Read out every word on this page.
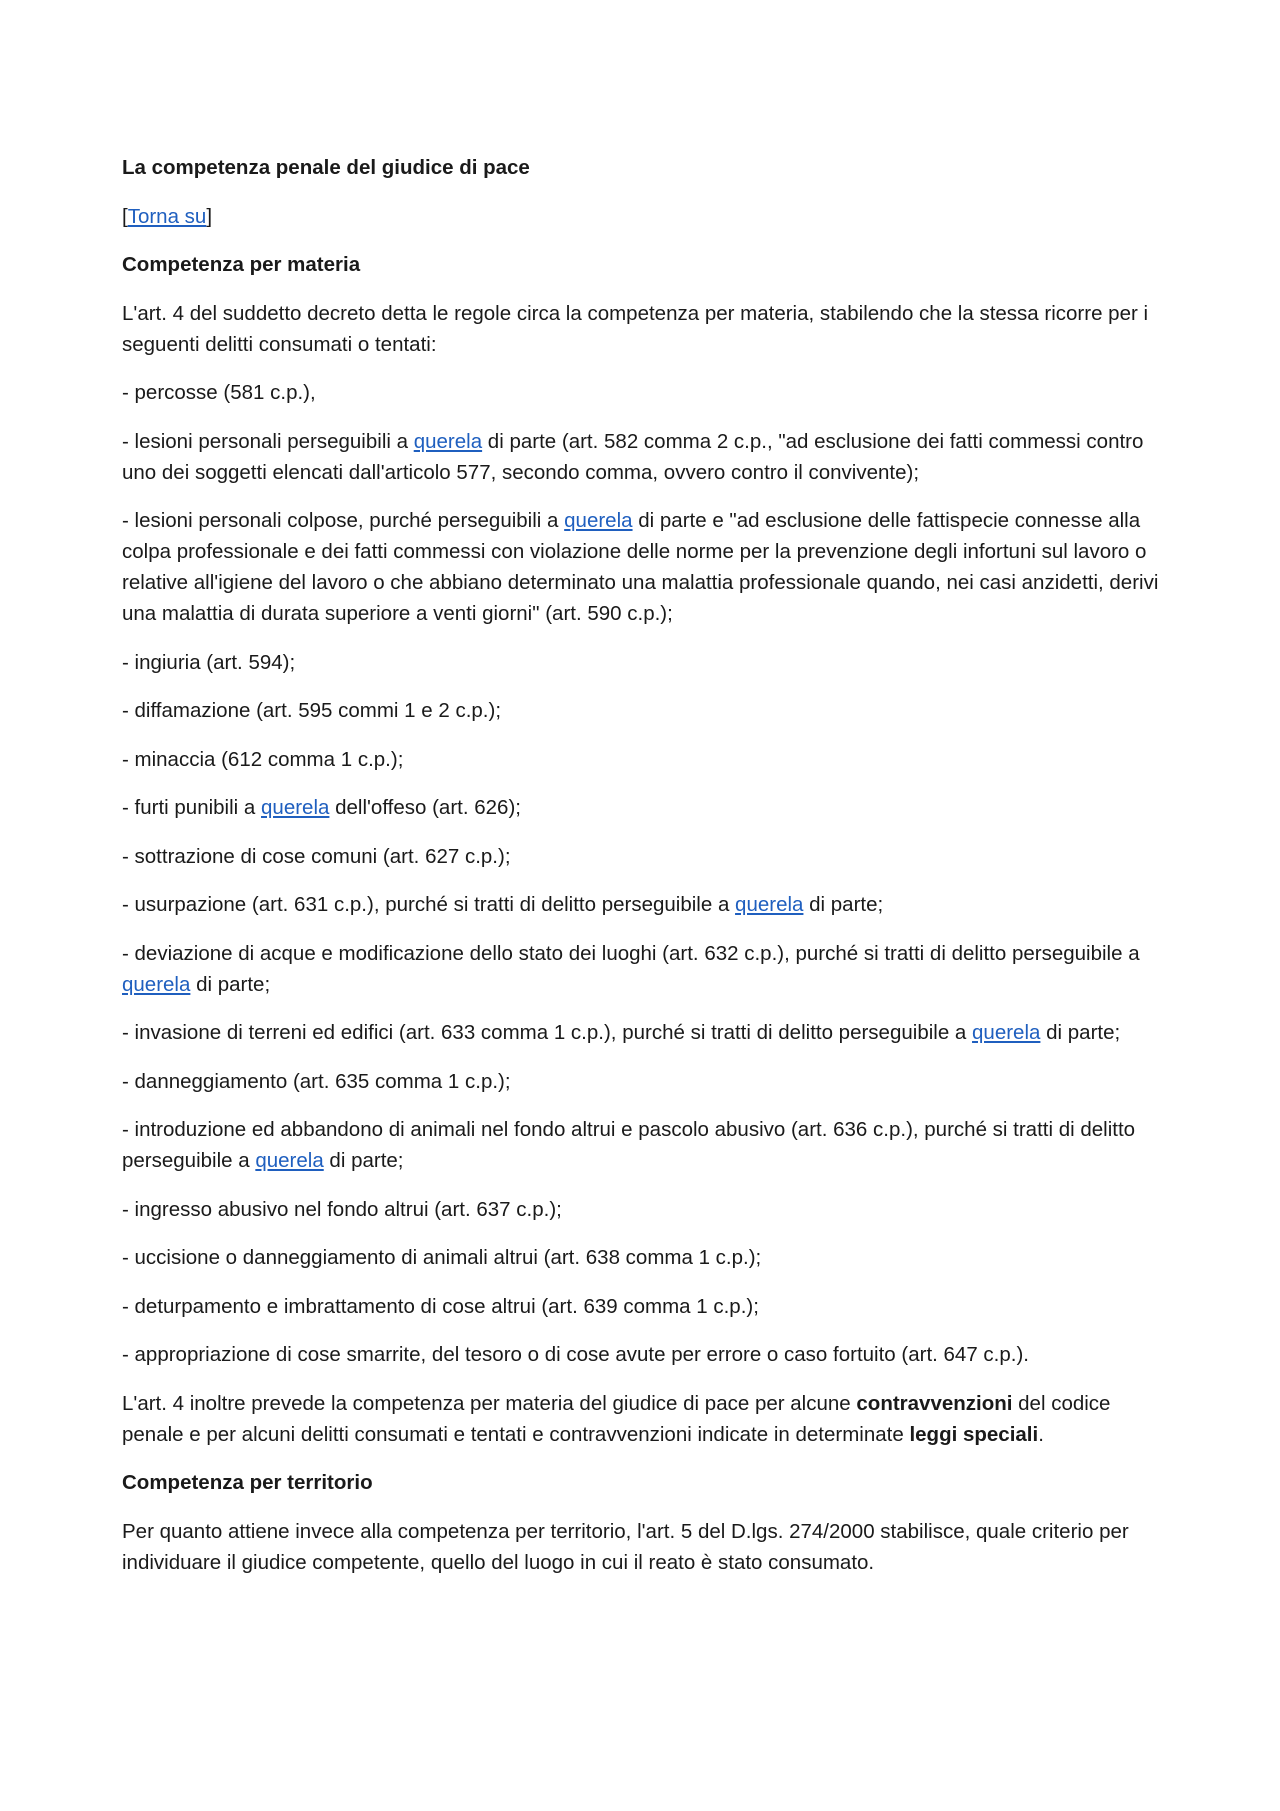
La competenza penale del giudice di pace

[Torna su]

Competenza per materia

L'art. 4 del suddetto decreto detta le regole circa la competenza per materia, stabilendo che la stessa ricorre per i seguenti delitti consumati o tentati:

- percosse (581 c.p.),

- lesioni personali perseguibili a querela di parte (art. 582 comma 2 c.p., "ad esclusione dei fatti commessi contro uno dei soggetti elencati dall'articolo 577, secondo comma, ovvero contro il convivente);

- lesioni personali colpose, purché perseguibili a querela di parte e "ad esclusione delle fattispecie connesse alla colpa professionale e dei fatti commessi con violazione delle norme per la prevenzione degli infortuni sul lavoro o relative all'igiene del lavoro o che abbiano determinato una malattia professionale quando, nei casi anzidetti, derivi una malattia di durata superiore a venti giorni" (art. 590 c.p.);

- ingiuria (art. 594);

- diffamazione (art. 595 commi 1 e 2 c.p.);

- minaccia (612 comma 1 c.p.);

- furti punibili a querela dell'offeso (art. 626);

- sottrazione di cose comuni (art. 627 c.p.);

- usurpazione (art. 631 c.p.), purché si tratti di delitto perseguibile a querela di parte;

- deviazione di acque e modificazione dello stato dei luoghi (art. 632 c.p.), purché si tratti di delitto perseguibile a querela di parte;

- invasione di terreni ed edifici (art. 633 comma 1 c.p.), purché si tratti di delitto perseguibile a querela di parte;

- danneggiamento (art. 635 comma 1 c.p.);

- introduzione ed abbandono di animali nel fondo altrui e pascolo abusivo (art. 636 c.p.), purché si tratti di delitto perseguibile a querela di parte;

- ingresso abusivo nel fondo altrui (art. 637 c.p.);

- uccisione o danneggiamento di animali altrui (art. 638 comma 1 c.p.);

- deturpamento e imbrattamento di cose altrui (art. 639 comma 1 c.p.);

- appropriazione di cose smarrite, del tesoro o di cose avute per errore o caso fortuito (art. 647 c.p.).

L'art. 4 inoltre prevede la competenza per materia del giudice di pace per alcune contravvenzioni del codice penale e per alcuni delitti consumati e tentati e contravvenzioni indicate in determinate leggi speciali.

Competenza per territorio

Per quanto attiene invece alla competenza per territorio, l'art. 5 del D.lgs. 274/2000 stabilisce, quale criterio per individuare il giudice competente, quello del luogo in cui il reato è stato consumato.
